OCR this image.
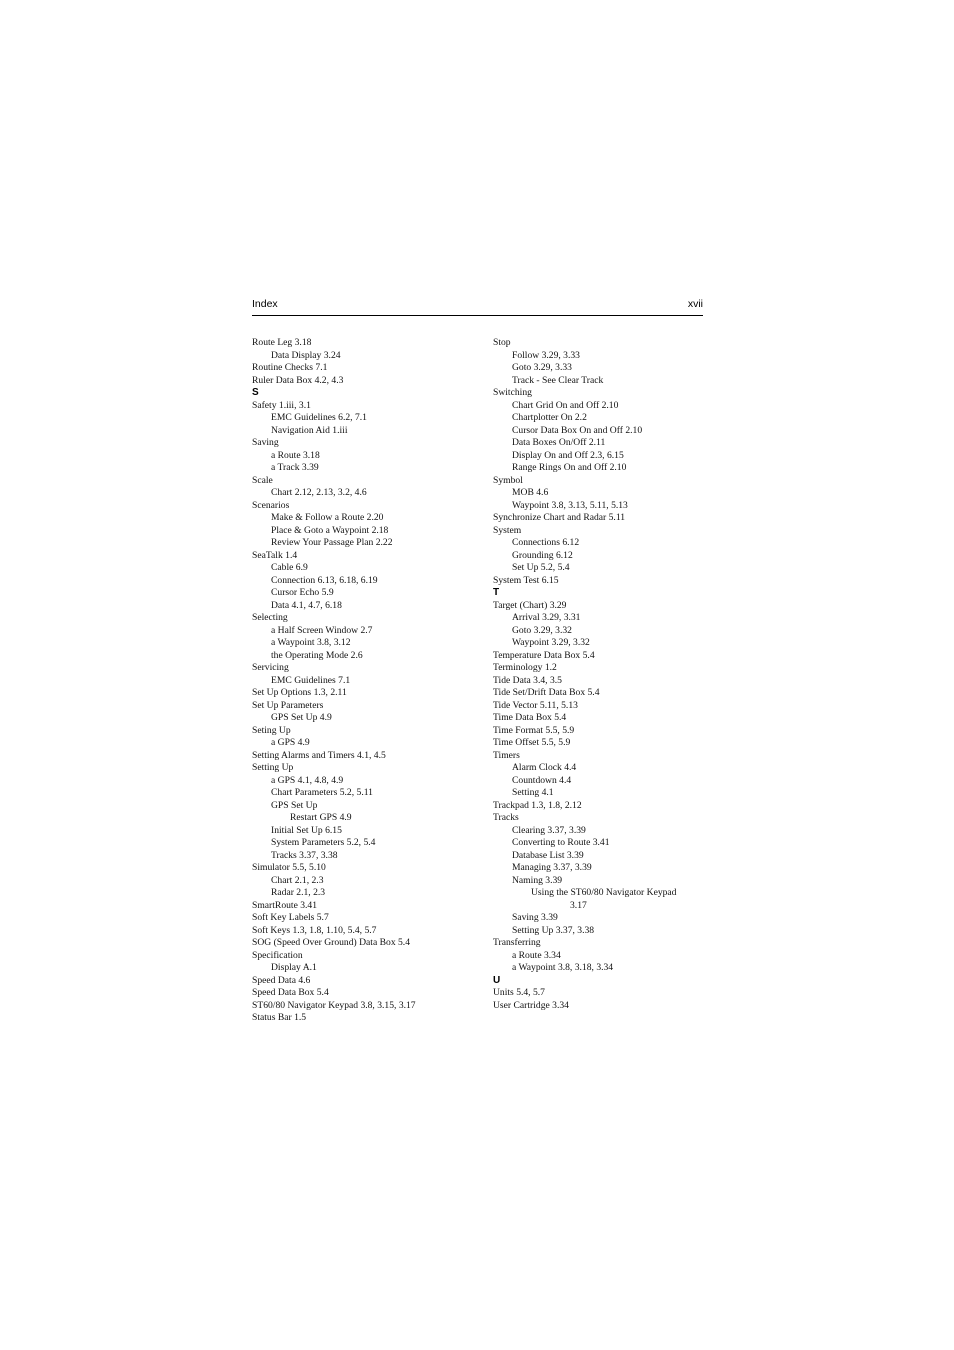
Index	xvii
Route Leg 3.18
Data Display 3.24
Routine Checks 7.1
Ruler Data Box 4.2, 4.3
S
Safety 1.iii, 3.1
EMC Guidelines 6.2, 7.1
Navigation Aid 1.iii
Saving
a Route 3.18
a Track 3.39
Scale
Chart 2.12, 2.13, 3.2, 4.6
Scenarios
Make & Follow a Route 2.20
Place & Goto a Waypoint 2.18
Review Your Passage Plan 2.22
SeaTalk 1.4
Cable 6.9
Connection 6.13, 6.18, 6.19
Cursor Echo 5.9
Data 4.1, 4.7, 6.18
Selecting
a Half Screen Window 2.7
a Waypoint 3.8, 3.12
the Operating Mode 2.6
Servicing
EMC Guidelines 7.1
Set Up Options 1.3, 2.11
Set Up Parameters
GPS Set Up 4.9
Seting Up
a GPS 4.9
Setting Alarms and Timers 4.1, 4.5
Setting Up
a GPS 4.1, 4.8, 4.9
Chart Parameters 5.2, 5.11
GPS Set Up
Restart GPS 4.9
Initial Set Up 6.15
System Parameters 5.2, 5.4
Tracks 3.37, 3.38
Simulator 5.5, 5.10
Chart 2.1, 2.3
Radar 2.1, 2.3
SmartRoute 3.41
Soft Key Labels 5.7
Soft Keys 1.3, 1.8, 1.10, 5.4, 5.7
SOG (Speed Over Ground) Data Box 5.4
Specification
Display A.1
Speed Data 4.6
Speed Data Box 5.4
ST60/80 Navigator Keypad 3.8, 3.15, 3.17
Status Bar 1.5
Stop
Follow 3.29, 3.33
Goto 3.29, 3.33
Track - See Clear Track
Switching
Chart Grid On and Off 2.10
Chartplotter On 2.2
Cursor Data Box On and Off 2.10
Data Boxes On/Off 2.11
Display On and Off 2.3, 6.15
Range Rings On and Off 2.10
Symbol
MOB 4.6
Waypoint 3.8, 3.13, 5.11, 5.13
Synchronize Chart and Radar 5.11
System
Connections 6.12
Grounding 6.12
Set Up 5.2, 5.4
System Test 6.15
T
Target (Chart) 3.29
Arrival 3.29, 3.31
Goto 3.29, 3.32
Waypoint 3.29, 3.32
Temperature Data Box 5.4
Terminology 1.2
Tide Data 3.4, 3.5
Tide Set/Drift Data Box 5.4
Tide Vector 5.11, 5.13
Time Data Box 5.4
Time Format 5.5, 5.9
Time Offset 5.5, 5.9
Timers
Alarm Clock 4.4
Countdown 4.4
Setting 4.1
Trackpad 1.3, 1.8, 2.12
Tracks
Clearing 3.37, 3.39
Converting to Route 3.41
Database List 3.39
Managing 3.37, 3.39
Naming 3.39
Using the ST60/80 Navigator Keypad
3.17
Saving 3.39
Setting Up 3.37, 3.38
Transferring
a Route 3.34
a Waypoint 3.8, 3.18, 3.34
U
Units 5.4, 5.7
User Cartridge 3.34
